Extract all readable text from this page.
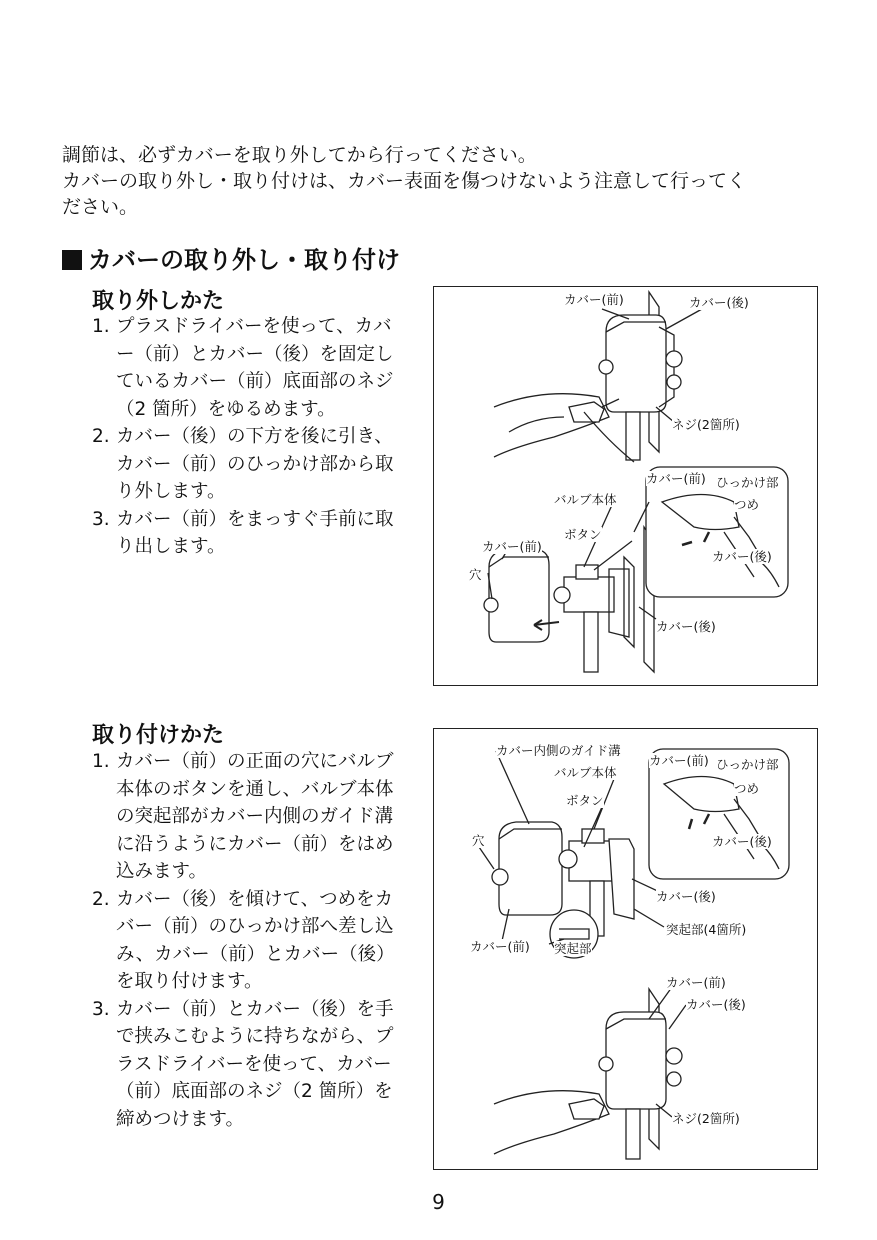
調節は、必ずカバーを取り外してから行ってください。
カバーの取り外し・取り付けは、カバー表面を傷つけないよう注意して行ってく
ださい。
カバーの取り外し・取り付け
取り外しかた
1. プラスドライバーを使って、カバー（前）とカバー（後）を固定しているカバー（前）底面部のネジ（2 箇所）をゆるめます。
2. カバー（後）の下方を後に引き、カバー（前）のひっかけ部から取り外します。
3. カバー（前）をまっすぐ手前に取り出します。
カバー(前)	カバー(後)
ネジ(2箇所)
カバー(前) ひっかけ部
つめ
バルブ本体
カバー(後)
ボタン
カバー(前)
穴
カバー(後)
取り付けかた
1. カバー（前）の正面の穴にバルブ本体のボタンを通し、バルブ本体の突起部がカバー内側のガイド溝に沿うようにカバー（前）をはめ込みます。
2. カバー（後）を傾けて、つめをカバー（前）のひっかけ部へ差し込み、カバー（前）とカバー（後）を取り付けます。
3. カバー（前）とカバー（後）を手で挟みこむように持ちながら、プラスドライバーを使って、カバー（前）底面部のネジ（2 箇所）を締めつけます。
カバー内側のガイド溝
バルブ本体
ボタン
穴
カバー(前) ひっかけ部
つめ
カバー(後)
カバー(後)
突起部(4箇所)
カバー(前) 突起部
カバー(前)
カバー(後)
ネジ(2箇所)
9
